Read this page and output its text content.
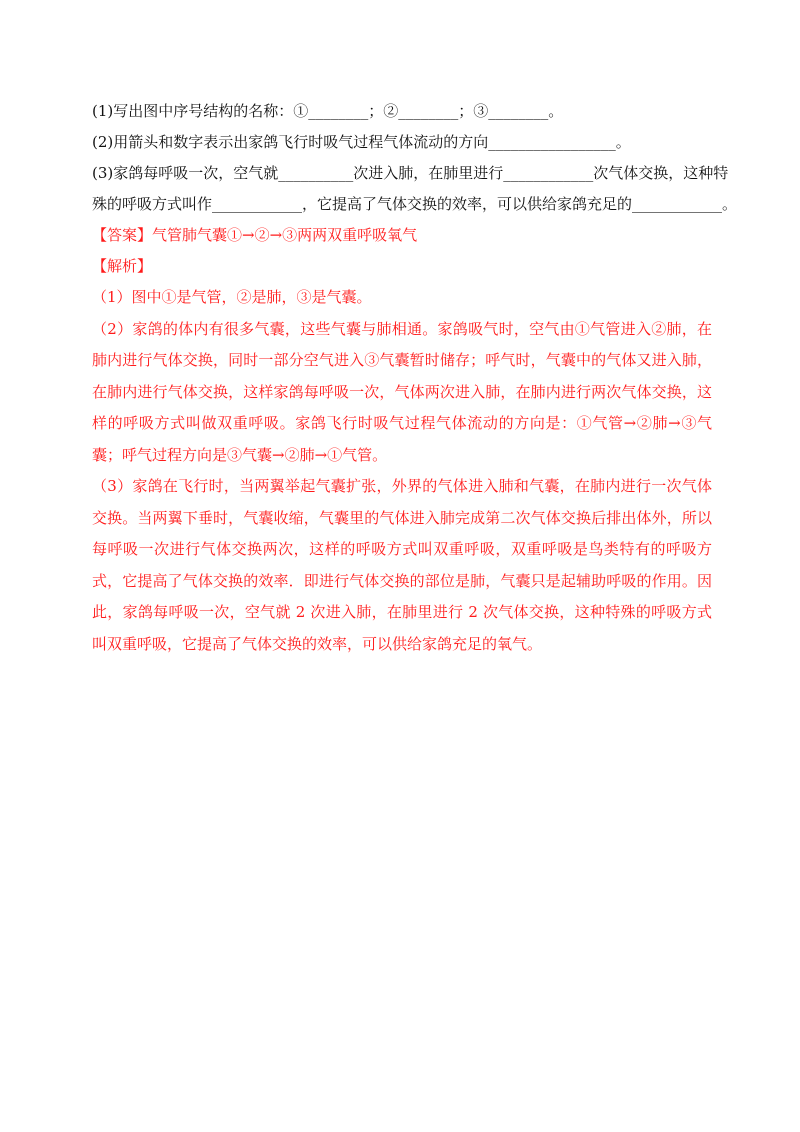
(1)写出图中序号结构的名称：①________；②________；③________。
(2)用箭头和数字表示出家鸽飞行时吸气过程气体流动的方向_________________。
(3)家鸽每呼吸一次，空气就__________次进入肺，在肺里进行____________次气体交换，这种特
殊的呼吸方式叫作____________，它提高了气体交换的效率，可以供给家鸽充足的____________。
【答案】气管肺气囊①→②→③两两双重呼吸氧气
【解析】
（1）图中①是气管，②是肺，③是气囊。
（2）家鸽的体内有很多气囊，这些气囊与肺相通。家鸽吸气时，空气由①气管进入②肺，在肺内进行气体交换，同时一部分空气进入③气囊暂时储存；呼气时，气囊中的气体又进入肺，在肺内进行气体交换，这样家鸽每呼吸一次，气体两次进入肺，在肺内进行两次气体交换，这样的呼吸方式叫做双重呼吸。家鸽飞行时吸气过程气体流动的方向是：①气管→②肺→③气囊；呼气过程方向是③气囊→②肺→①气管。
（3）家鸽在飞行时，当两翼举起气囊扩张，外界的气体进入肺和气囊，在肺内进行一次气体交换。当两翼下垂时，气囊收缩，气囊里的气体进入肺完成第二次气体交换后排出体外，所以每呼吸一次进行气体交换两次，这样的呼吸方式叫双重呼吸，双重呼吸是鸟类特有的呼吸方式，它提高了气体交换的效率．即进行气体交换的部位是肺，气囊只是起辅助呼吸的作用。因此，家鸽每呼吸一次，空气就 2 次进入肺，在肺里进行 2 次气体交换，这种特殊的呼吸方式叫双重呼吸，它提高了气体交换的效率，可以供给家鸽充足的氧气。
